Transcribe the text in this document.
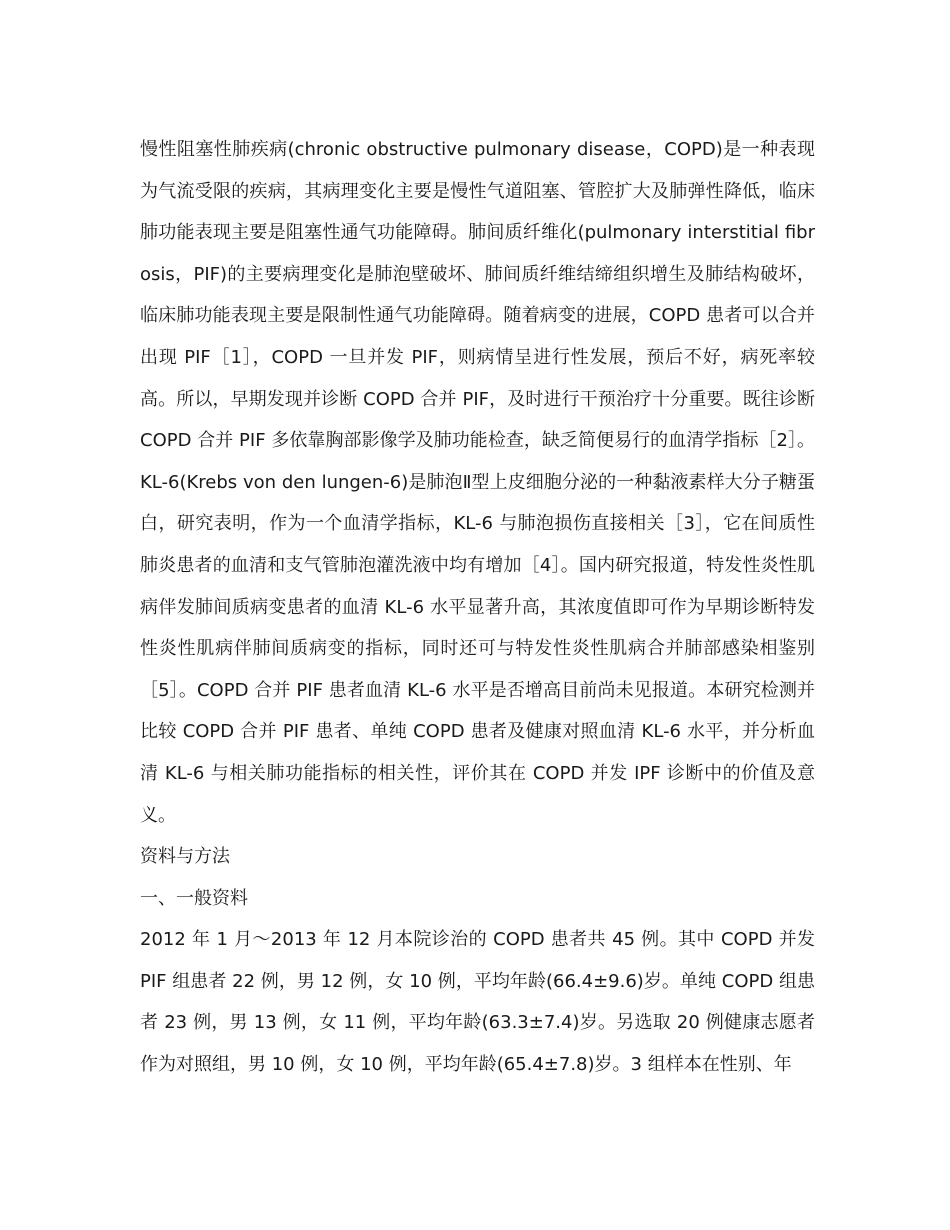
慢性阻塞性肺疾病(chronic obstructive pulmonary disease，COPD)是一种表现为气流受限的疾病，其病理变化主要是慢性气道阻塞、管腔扩大及肺弹性降低，临床肺功能表现主要是阻塞性通气功能障碍。肺间质纤维化(pulmonary interstitial fibrosis，PIF)的主要病理变化是肺泡壁破坏、肺间质纤维结缔组织增生及肺结构破坏，临床肺功能表现主要是限制性通气功能障碍。随着病变的进展，COPD 患者可以合并出现 PIF［1］，COPD 一旦并发 PIF，则病情呈进行性发展，预后不好，病死率较高。所以，早期发现并诊断 COPD 合并 PIF，及时进行干预治疗十分重要。既往诊断 COPD 合并 PIF 多依靠胸部影像学及肺功能检查，缺乏简便易行的血清学指标［2］。KL-6(Krebs von den lungen-6)是肺泡Ⅱ型上皮细胞分泌的一种黏液素样大分子糖蛋白，研究表明，作为一个血清学指标，KL-6 与肺泡损伤直接相关［3］，它在间质性肺炎患者的血清和支气管肺泡灌洗液中均有增加［4］。国内研究报道，特发性炎性肌病伴发肺间质病变患者的血清 KL-6 水平显著升高，其浓度值即可作为早期诊断特发性炎性肌病伴肺间质病变的指标，同时还可与特发性炎性肌病合并肺部感染相鉴别［5］。COPD 合并 PIF 患者血清 KL-6 水平是否增高目前尚未见报道。本研究检测并比较 COPD 合并 PIF 患者、单纯 COPD 患者及健康对照血清 KL-6 水平，并分析血清 KL-6 与相关肺功能指标的相关性，评价其在 COPD 并发 IPF 诊断中的价值及意义。

资料与方法

一、一般资料

2012 年 1 月～2013 年 12 月本院诊治的 COPD 患者共 45 例。其中 COPD 并发 PIF 组患者 22 例，男 12 例，女 10 例，平均年龄(66.4±9.6)岁。单纯 COPD 组患者 23 例，男 13 例，女 11 例，平均年龄(63.3±7.4)岁。另选取 20 例健康志愿者作为对照组，男 10 例，女 10 例，平均年龄(65.4±7.8)岁。3 组样本在性别、年
